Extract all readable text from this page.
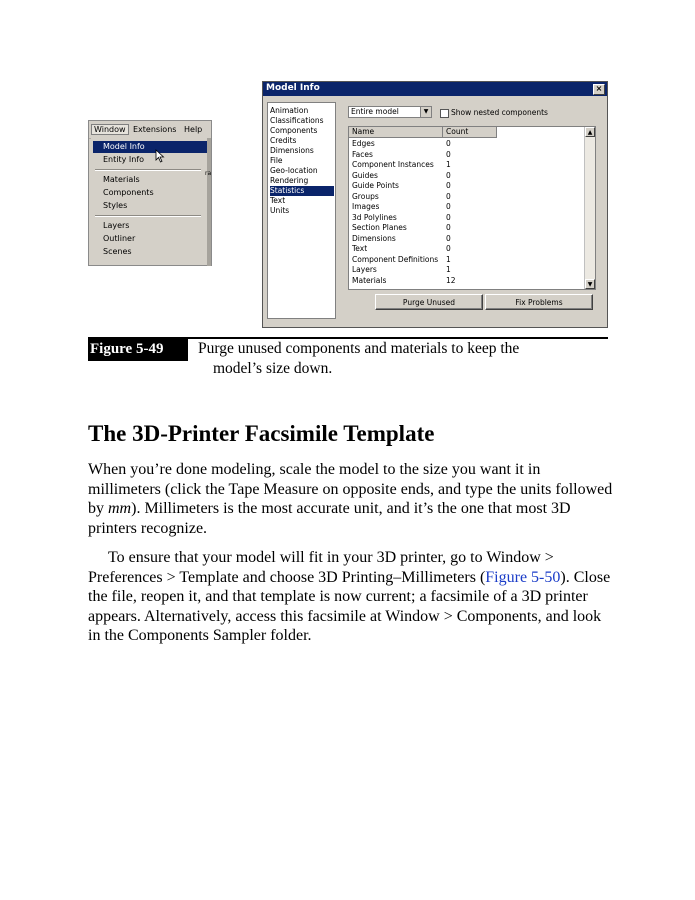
Window Extensions Help
Model Info
Entity Info
Materials
Components
Styles
Layers
Outliner
Scenes
ra
Model Info	×
Animation
Classifications
Components
Credits
Dimensions
File
Geo-location
Rendering
Statistics
Text
Units
Entire model	▼	Show nested components
Name	Count
Edges	0
Faces	0
Component Instances 1
Guides	0
Guide Points	0
Groups	0
Images	0
3d Polylines	0
Section Planes	0
Dimensions	0
Text	0
Component Definitions 1
Layers	1
Materials	12
▲
▼
Purge Unused	Fix Problems
Figure 5-49	Purge unused components and materials to keep the
model’s size down.
The 3D-Printer Facsimile Template

When you’re done modeling, scale the model to the size you want it in millimeters (click the Tape Measure on opposite ends, and type the units followed by mm). Millimeters is the most accurate unit, and it’s the one that most 3D printers recognize.

To ensure that your model will fit in your 3D printer, go to Window > Preferences > Template and choose 3D Printing–Millimeters (Figure 5-50). Close the file, reopen it, and that template is now current; a facsimile of a 3D printer appears. Alternatively, access this facsimile at Window > Components, and look in the Components Sampler folder.
